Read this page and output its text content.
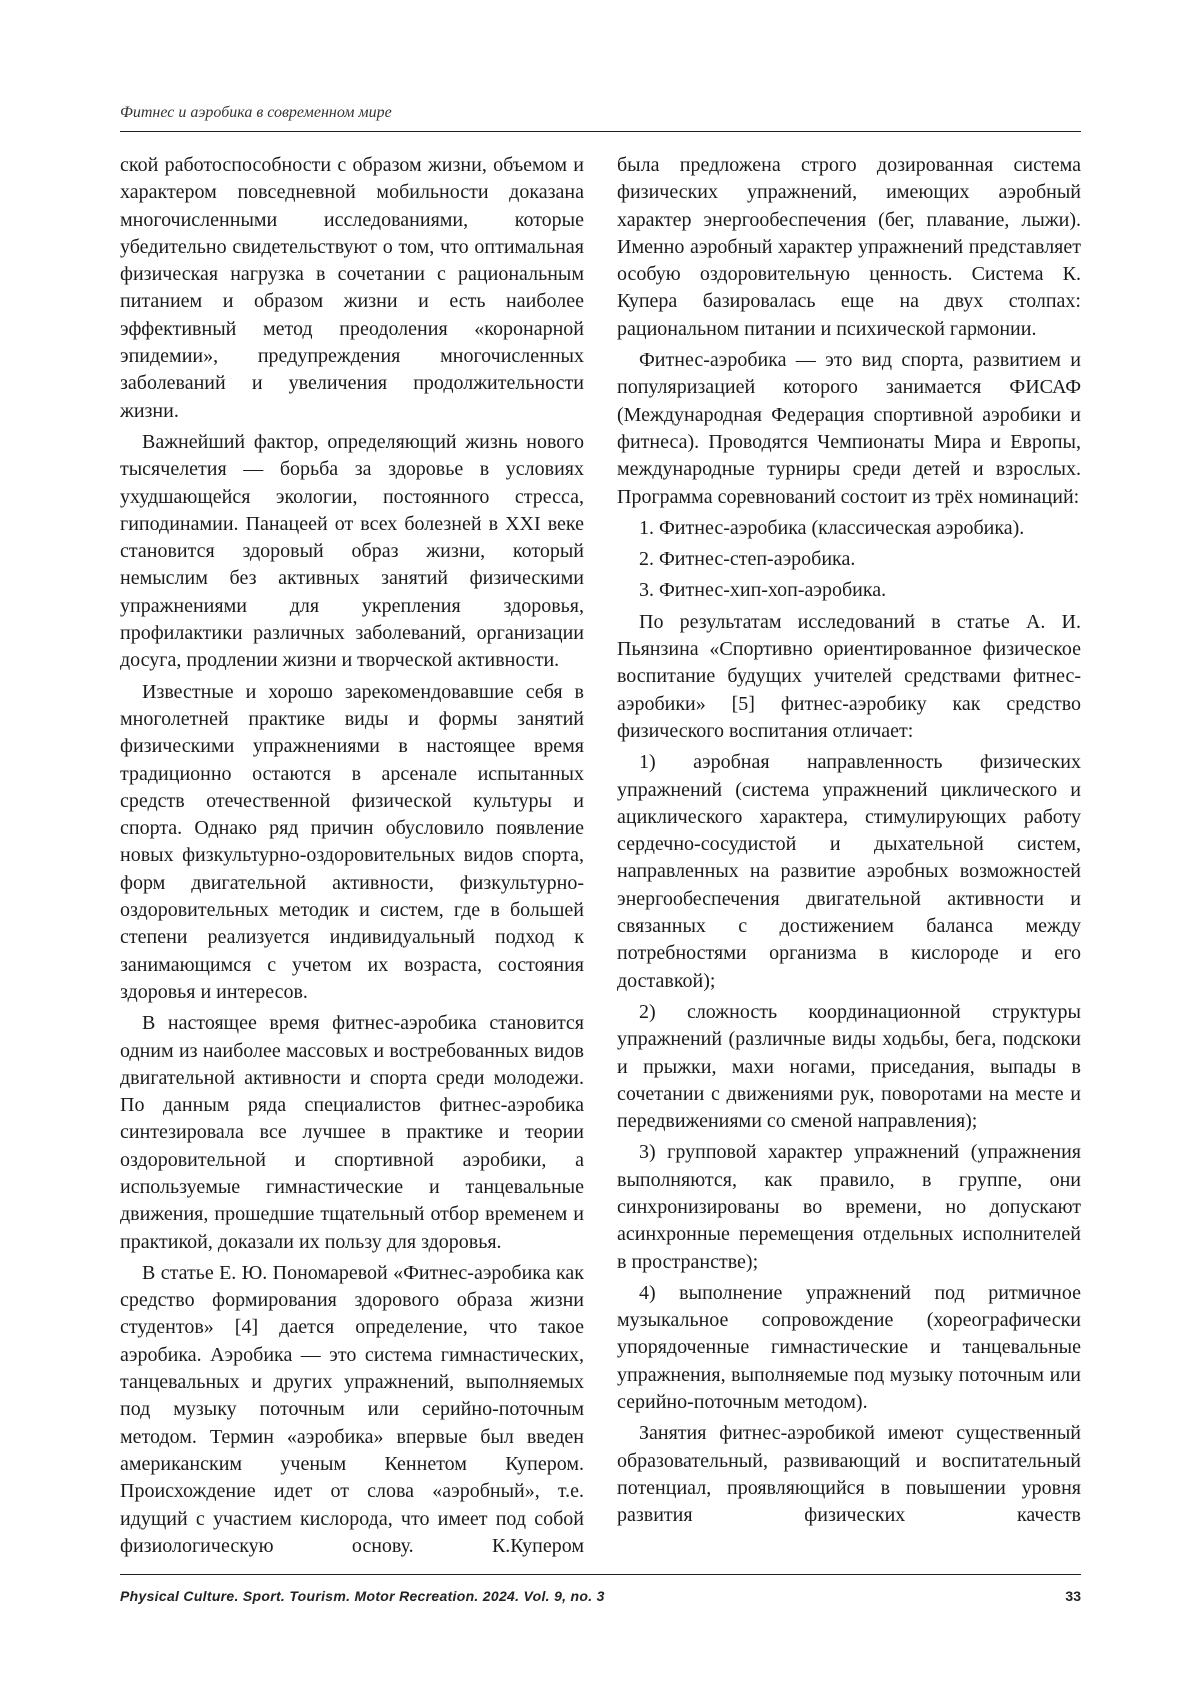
Фитнес и аэробика в современном мире

ской работоспособности с образом жизни, объемом и характером повседневной мобильности доказана многочисленными исследованиями, которые убедительно свидетельствуют о том, что оптимальная физическая нагрузка в сочетании с рациональным питанием и образом жизни и есть наиболее эффективный метод преодоления «коронарной эпидемии», предупреждения многочисленных заболеваний и увеличения продолжительности жизни.

Важнейший фактор, определяющий жизнь нового тысячелетия — борьба за здоровье в условиях ухудшающейся экологии, постоянного стресса, гиподинамии. Панацеей от всех болезней в XXI веке становится здоровый образ жизни, который немыслим без активных занятий физическими упражнениями для укрепления здоровья, профилактики различных заболеваний, организации досуга, продлении жизни и творческой активности.

Известные и хорошо зарекомендовавшие себя в многолетней практике виды и формы занятий физическими упражнениями в настоящее время традиционно остаются в арсенале испытанных средств отечественной физической культуры и спорта. Однако ряд причин обусловило появление новых физкультурно-оздоровительных видов спорта, форм двигательной активности, физкультурно-оздоровительных методик и систем, где в большей степени реализуется индивидуальный подход к занимающимся с учетом их возраста, состояния здоровья и интересов.

В настоящее время фитнес-аэробика становится одним из наиболее массовых и востребованных видов двигательной активности и спорта среди молодежи. По данным ряда специалистов фитнес-аэробика синтезировала все лучшее в практике и теории оздоровительной и спортивной аэробики, а используемые гимнастические и танцевальные движения, прошедшие тщательный отбор временем и практикой, доказали их пользу для здоровья.

В статье Е. Ю. Пономаревой «Фитнес-аэробика как средство формирования здорового образа жизни студентов» [4] дается определение, что такое аэробика. Аэробика — это система гимнастических, танцевальных и других упражнений, выполняемых под музыку поточным или серийно-поточным методом. Термин «аэробика» впервые был введен американским ученым Кеннетом Купером. Происхождение идет от слова «аэробный», т.е. идущий с участием кислорода, что имеет под собой физиологическую основу. К.Купером

была предложена строго дозированная система физических упражнений, имеющих аэробный характер энергообеспечения (бег, плавание, лыжи). Именно аэробный характер упражнений представляет особую оздоровительную ценность. Система К. Купера базировалась еще на двух столпах: рациональном питании и психической гармонии.

Фитнес-аэробика — это вид спорта, развитием и популяризацией которого занимается ФИСАФ (Международная Федерация спортивной аэробики и фитнеса). Проводятся Чемпионаты Мира и Европы, международные турниры среди детей и взрослых. Программа соревнований состоит из трёх номинаций:

1. Фитнес-аэробика (классическая аэробика).

2. Фитнес-степ-аэробика.

3. Фитнес-хип-хоп-аэробика.

По результатам исследований в статье А. И. Пьянзина «Спортивно ориентированное физическое воспитание будущих учителей средствами фитнес-аэробики» [5] фитнес-аэробику как средство физического воспитания отличает:

1) аэробная направленность физических упражнений (система упражнений циклического и ациклического характера, стимулирующих работу сердечно-сосудистой и дыхательной систем, направленных на развитие аэробных возможностей энергообеспечения двигательной активности и связанных с достижением баланса между потребностями организма в кислороде и его доставкой);

2) сложность координационной структуры упражнений (различные виды ходьбы, бега, подскоки и прыжки, махи ногами, приседания, выпады в сочетании с движениями рук, поворотами на месте и передвижениями со сменой направления);

3) групповой характер упражнений (упражнения выполняются, как правило, в группе, они синхронизированы во времени, но допускают асинхронные перемещения отдельных исполнителей в пространстве);

4) выполнение упражнений под ритмичное музыкальное сопровождение (хореографически упорядоченные гимнастические и танцевальные упражнения, выполняемые под музыку поточным или серийно-поточным методом).

Занятия фитнес-аэробикой имеют существенный образовательный, развивающий и воспитательный потенциал, проявляющийся в повышении уровня развития физических качеств

Physical Culture. Sport. Tourism. Motor Recreation. 2024. Vol. 9, no. 3	33
